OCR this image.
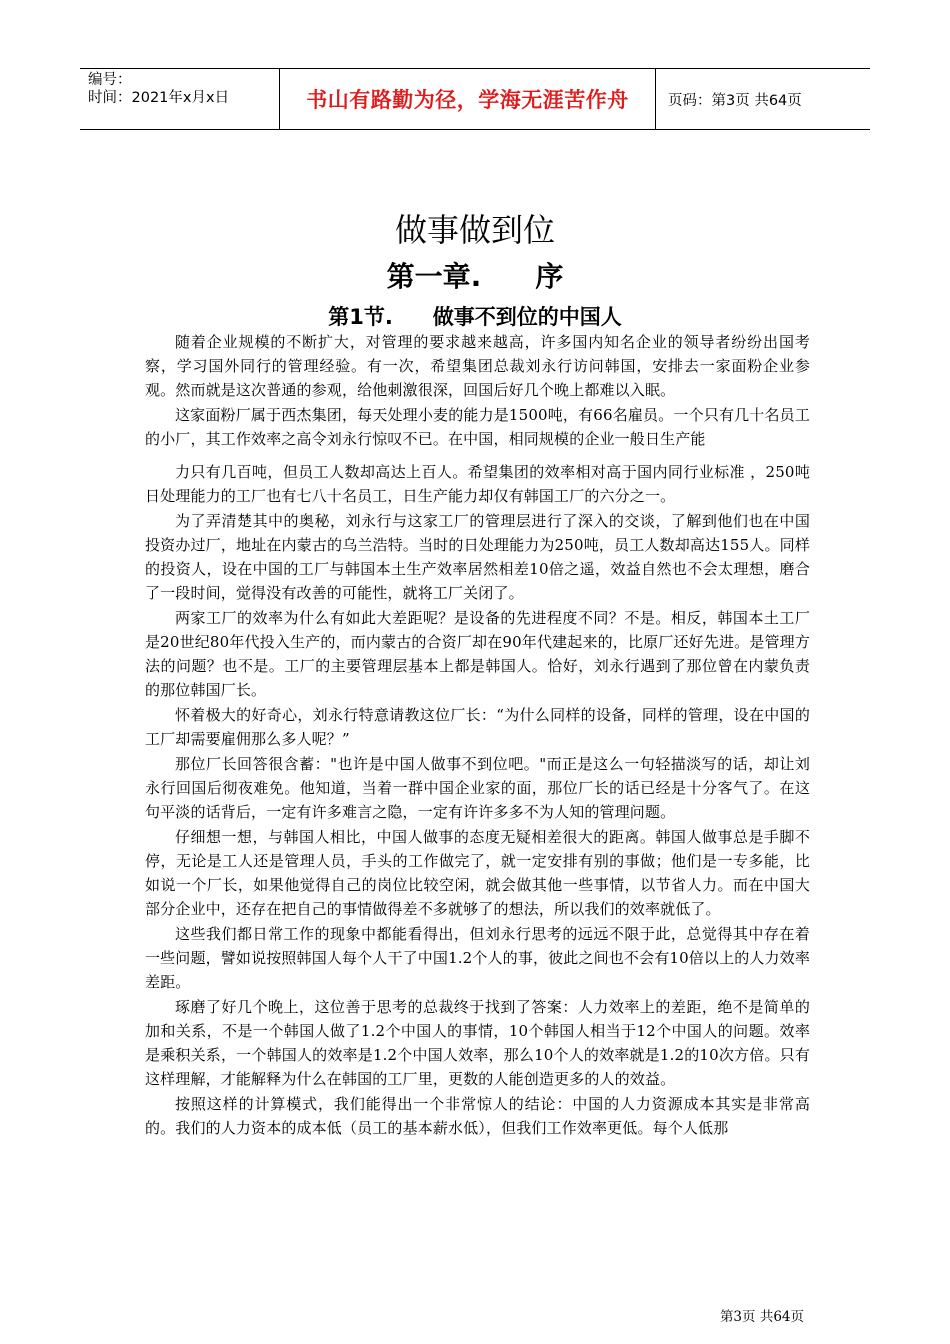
编号：
时间：2021年x月x日	书山有路勤为径，学海无涯苦作舟	页码：第3页 共64页
做事做到位
第一章. 序
第1节. 做事不到位的中国人

随着企业规模的不断扩大，对管理的要求越来越高，许多国内知名企业的领导者纷纷出国考察，学习国外同行的管理经验。有一次，希望集团总裁刘永行访问韩国，安排去一家面粉企业参观。然而就是这次普通的参观，给他刺激很深，回国后好几个晚上都难以入眠。

这家面粉厂属于西杰集团，每天处理小麦的能力是1500吨，有66名雇员。一个只有几十名员工的小厂，其工作效率之高令刘永行惊叹不已。在中国，相同规模的企业一般日生产能

力只有几百吨，但员工人数却高达上百人。希望集团的效率相对高于国内同行业标准 ，250吨日处理能力的工厂也有七八十名员工，日生产能力却仅有韩国工厂的六分之一。

为了弄清楚其中的奥秘，刘永行与这家工厂的管理层进行了深入的交谈，了解到他们也在中国投资办过厂，地址在内蒙古的乌兰浩特。当时的日处理能力为250吨，员工人数却高达155人。同样的投资人，设在中国的工厂与韩国本土生产效率居然相差10倍之遥，效益自然也不会太理想，磨合了一段时间，觉得没有改善的可能性，就将工厂关闭了。

两家工厂的效率为什么有如此大差距呢？是设备的先进程度不同？不是。相反，韩国本土工厂是20世纪80年代投入生产的，而内蒙古的合资厂却在90年代建起来的，比原厂还好先进。是管理方法的问题？也不是。工厂的主要管理层基本上都是韩国人。恰好，刘永行遇到了那位曾在内蒙负责的那位韩国厂长。

怀着极大的好奇心，刘永行特意请教这位厂长：“为什么同样的设备，同样的管理，设在中国的工厂却需要雇佣那么多人呢？”

那位厂长回答很含蓄："也许是中国人做事不到位吧。"而正是这么一句轻描淡写的话，却让刘永行回国后彻夜难免。他知道，当着一群中国企业家的面，那位厂长的话已经是十分客气了。在这句平淡的话背后，一定有许多难言之隐，一定有许许多多不为人知的管理问题。

仔细想一想，与韩国人相比，中国人做事的态度无疑相差很大的距离。韩国人做事总是手脚不停，无论是工人还是管理人员，手头的工作做完了，就一定安排有别的事做；他们是一专多能，比如说一个厂长，如果他觉得自己的岗位比较空闲，就会做其他一些事情，以节省人力。而在中国大部分企业中，还存在把自己的事情做得差不多就够了的想法，所以我们的效率就低了。

这些我们都日常工作的现象中都能看得出，但刘永行思考的远远不限于此，总觉得其中存在着一些问题，譬如说按照韩国人每个人干了中国1.2个人的事，彼此之间也不会有10倍以上的人力效率差距。

琢磨了好几个晚上，这位善于思考的总裁终于找到了答案：人力效率上的差距，绝不是简单的加和关系，不是一个韩国人做了1.2个中国人的事情，10个韩国人相当于12个中国人的问题。效率是乘积关系，一个韩国人的效率是1.2个中国人效率，那么10个人的效率就是1.2的10次方倍。只有这样理解，才能解释为什么在韩国的工厂里，更数的人能创造更多的人的效益。

按照这样的计算模式，我们能得出一个非常惊人的结论：中国的人力资源成本其实是非常高的。我们的人力资本的成本低（员工的基本薪水低），但我们工作效率更低。每个人低那

第3页 共64页
